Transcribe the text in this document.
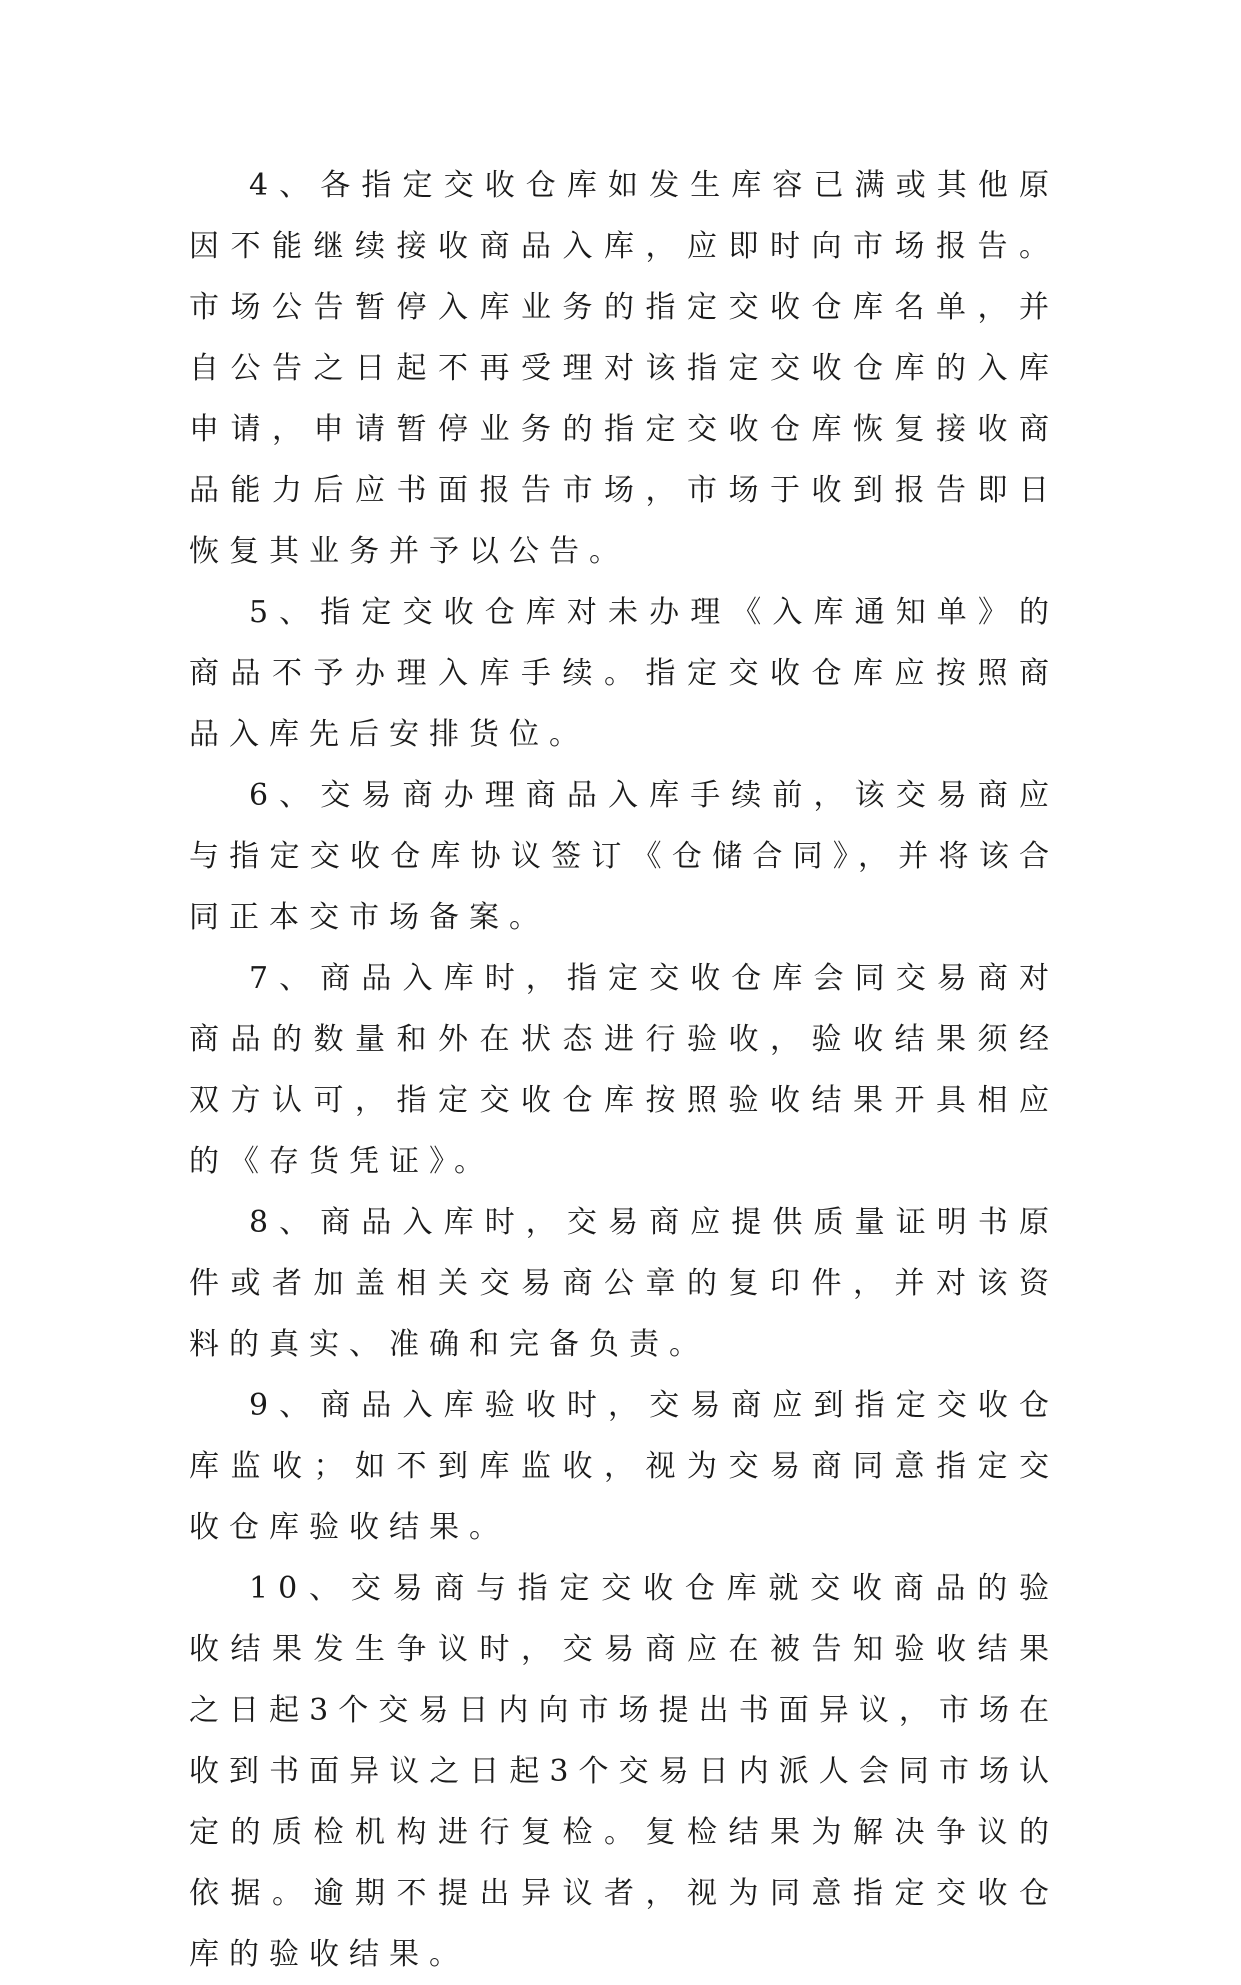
4、各指定交收仓库如发生库容已满或其他原因不能继续接收商品入库，应即时向市场报告。市场公告暂停入库业务的指定交收仓库名单，并自公告之日起不再受理对该指定交收仓库的入库申请，申请暂停业务的指定交收仓库恢复接收商品能力后应书面报告市场，市场于收到报告即日恢复其业务并予以公告。

5、指定交收仓库对未办理《入库通知单》的商品不予办理入库手续。指定交收仓库应按照商品入库先后安排货位。

6、交易商办理商品入库手续前，该交易商应与指定交收仓库协议签订《仓储合同》，并将该合同正本交市场备案。

7、商品入库时，指定交收仓库会同交易商对商品的数量和外在状态进行验收，验收结果须经双方认可，指定交收仓库按照验收结果开具相应的《存货凭证》。

8、商品入库时，交易商应提供质量证明书原件或者加盖相关交易商公章的复印件，并对该资料的真实、准确和完备负责。

9、商品入库验收时，交易商应到指定交收仓库监收；如不到库监收，视为交易商同意指定交收仓库验收结果。

10、交易商与指定交收仓库就交收商品的验收结果发生争议时，交易商应在被告知验收结果之日起3个交易日内向市场提出书面异议，市场在收到书面异议之日起3个交易日内派人会同市场认定的质检机构进行复检。复检结果为解决争议的依据。逾期不提出异议者，视为同意指定交收仓库的验收结果。
